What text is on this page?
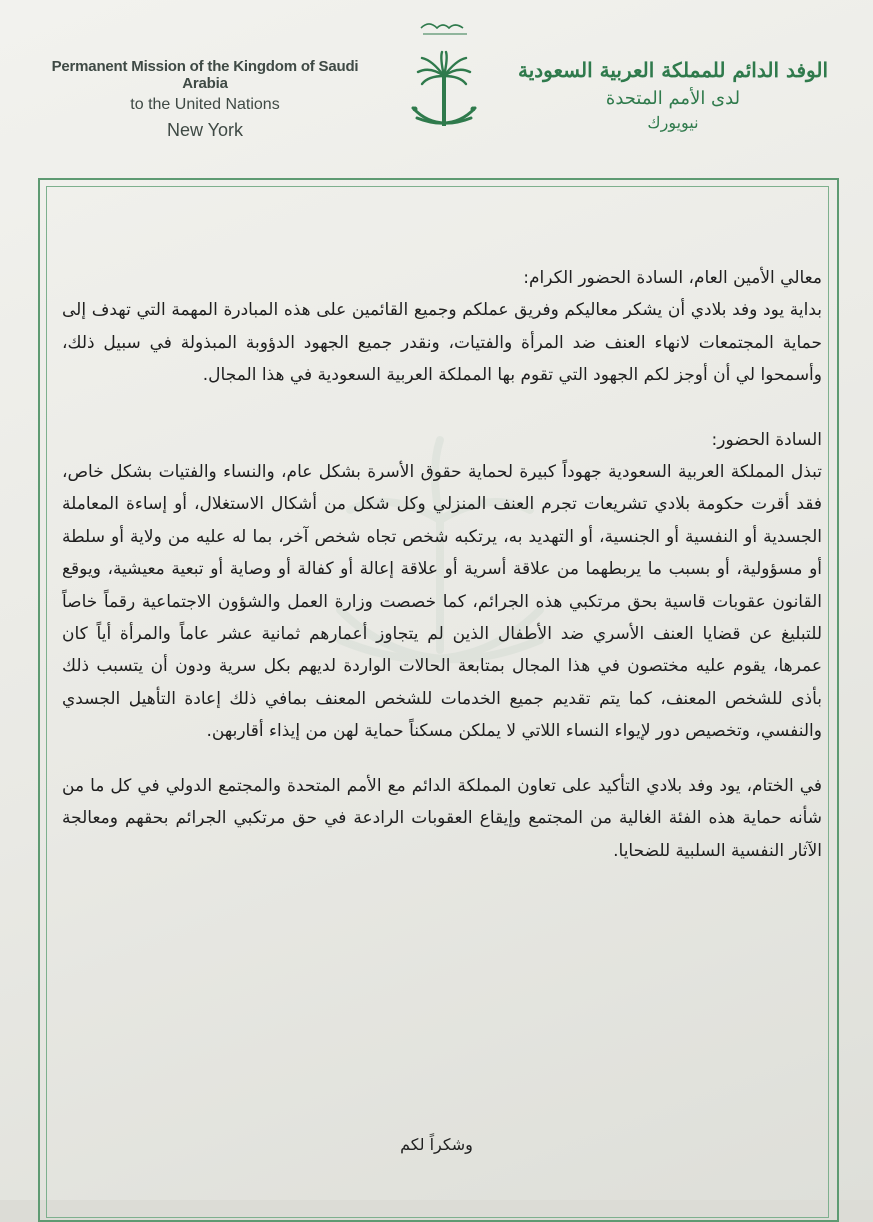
Permanent Mission of the Kingdom of Saudi Arabia
to the United Nations
New York
الوفد الدائم للمملكة العربية السعودية
لدى الأمم المتحدة
نيويورك

معالي الأمين العام، السادة الحضور الكرام:

بداية يود وفد بلادي أن يشكر معاليكم وفريق عملكم وجميع القائمين على هذه المبادرة المهمة التي تهدف إلى حماية المجتمعات لانهاء العنف ضد المرأة والفتيات، ونقدر جميع الجهود الدؤوبة المبذولة في سبيل ذلك، وأسمحوا لي أن أوجز لكم الجهود التي تقوم بها المملكة العربية السعودية في هذا المجال.

السادة الحضور:

تبذل المملكة العربية السعودية جهوداً كبيرة لحماية حقوق الأسرة بشكل عام، والنساء والفتيات بشكل خاص، فقد أقرت حكومة بلادي تشريعات تجرم العنف المنزلي وكل شكل من أشكال الاستغلال، أو إساءة المعاملة الجسدية أو النفسية أو الجنسية، أو التهديد به، يرتكبه شخص تجاه شخص آخر، بما له عليه من ولاية أو سلطة أو مسؤولية، أو بسبب ما يربطهما من علاقة أسرية أو علاقة إعالة أو كفالة أو وصاية أو تبعية معيشية، ويوقع القانون عقوبات قاسية بحق مرتكبي هذه الجرائم، كما خصصت وزارة العمل والشؤون الاجتماعية رقماً خاصاً للتبليغ عن قضايا العنف الأسري ضد الأطفال الذين لم يتجاوز أعمارهم ثمانية عشر عاماً والمرأة أياً كان عمرها، يقوم عليه مختصون في هذا المجال بمتابعة الحالات الواردة لديهم بكل سرية ودون أن يتسبب ذلك بأذى للشخص المعنف، كما يتم تقديم جميع الخدمات للشخص المعنف بمافي ذلك إعادة التأهيل الجسدي والنفسي، وتخصيص دور لإيواء النساء اللاتي لا يملكن مسكناً حماية لهن من إيذاء أقاربهن.

في الختام، يود وفد بلادي التأكيد على تعاون المملكة الدائم مع الأمم المتحدة والمجتمع الدولي في كل ما من شأنه حماية هذه الفئة الغالية من المجتمع وإيقاع العقوبات الرادعة في حق مرتكبي الجرائم بحقهم ومعالجة الآثار النفسية السلبية للضحايا.

وشكراً لكم
